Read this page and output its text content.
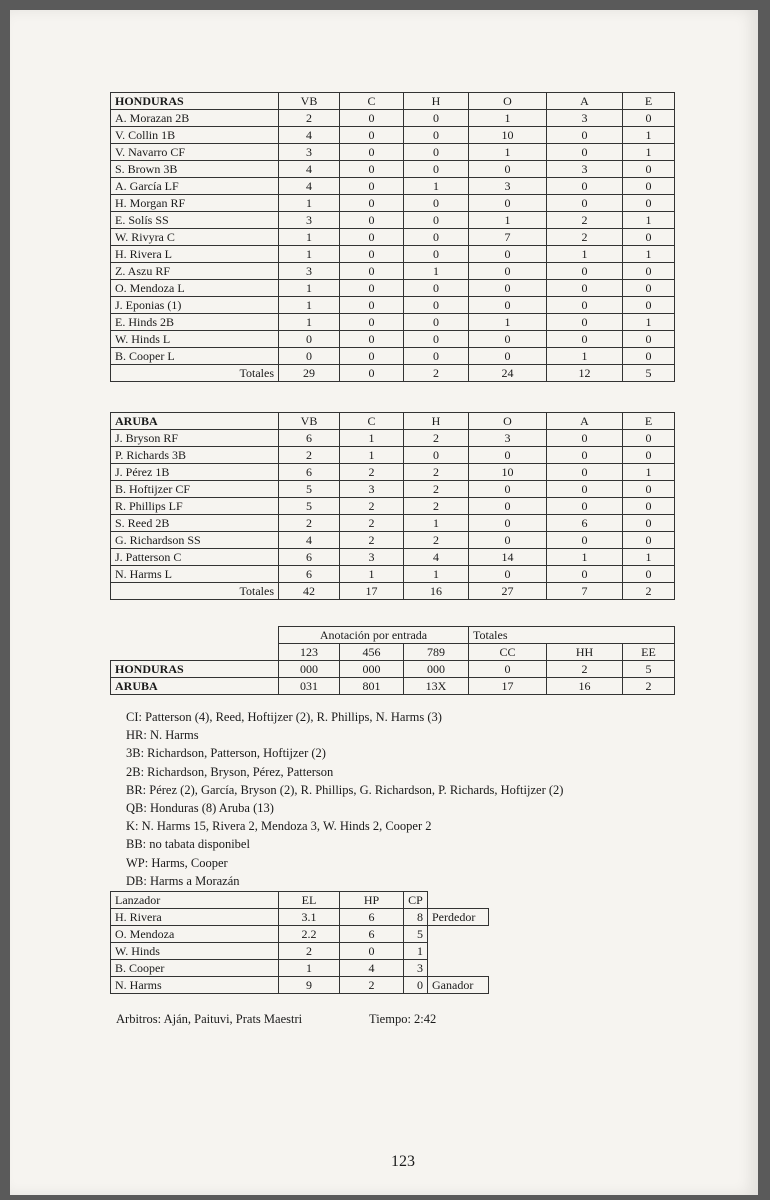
HONDURAS	VB	C	H	O	A	E
A. Morazan 2B	2	0	0	1	3	0
V. Collin 1B	4	0	0	10	0	1
V. Navarro CF	3	0	0	1	0	1
S. Brown 3B	4	0	0	0	3	0
A. García LF	4	0	1	3	0	0
H. Morgan RF	1	0	0	0	0	0
E. Solís SS	3	0	0	1	2	1
W. Rivyra C	1	0	0	7	2	0
H. Rivera L	1	0	0	0	1	1
Z. Aszu RF	3	0	1	0	0	0
O. Mendoza L	1	0	0	0	0	0
J. Eponias (1)	1	0	0	0	0	0
E. Hinds 2B	1	0	0	1	0	1
W. Hinds L	0	0	0	0	0	0
B. Cooper L	0	0	0	0	1	0
Totales	29	0	2	24	12	5
ARUBA	VB	C	H	O	A	E
J. Bryson RF	6	1	2	3	0	0
P. Richards 3B	2	1	0	0	0	0
J. Pérez 1B	6	2	2	10	0	1
B. Hoftijzer CF	5	3	2	0	0	0
R. Phillips LF	5	2	2	0	0	0
S. Reed 2B	2	2	1	0	6	0
G. Richardson SS	4	2	2	0	0	0
J. Patterson C	6	3	4	14	1	1
N. Harms L	6	1	1	0	0	0
Totales	42	17	16	27	7	2
	Anotación por entrada			Totales		
	123	456	789	CC	HH	EE
HONDURAS	000	000	000	0	2	5
ARUBA	031	801	13X	17	16	2
CI: Patterson (4), Reed, Hoftijzer (2), R. Phillips, N. Harms (3)
HR: N. Harms
3B: Richardson, Patterson, Hoftijzer (2)
2B: Richardson, Bryson, Pérez, Patterson
BR: Pérez (2), García, Bryson (2), R. Phillips, G. Richardson, P. Richards, Hoftijzer (2)
QB: Honduras (8) Aruba (13)
K: N. Harms 15, Rivera 2, Mendoza 3, W. Hinds 2, Cooper 2
BB: no tabata disponibel
WP: Harms, Cooper
DB: Harms a Morazán
Lanzador	EL	HP	CP	
H. Rivera	3.1	6	8	Perdedor
O. Mendoza	2.2	6	5	
W. Hinds	2	0	1	
B. Cooper	1	4	3	
N. Harms	9	2	0	Ganador
Arbitros: Aján, Paituvi, Prats Maestri	Tiempo: 2:42
123
